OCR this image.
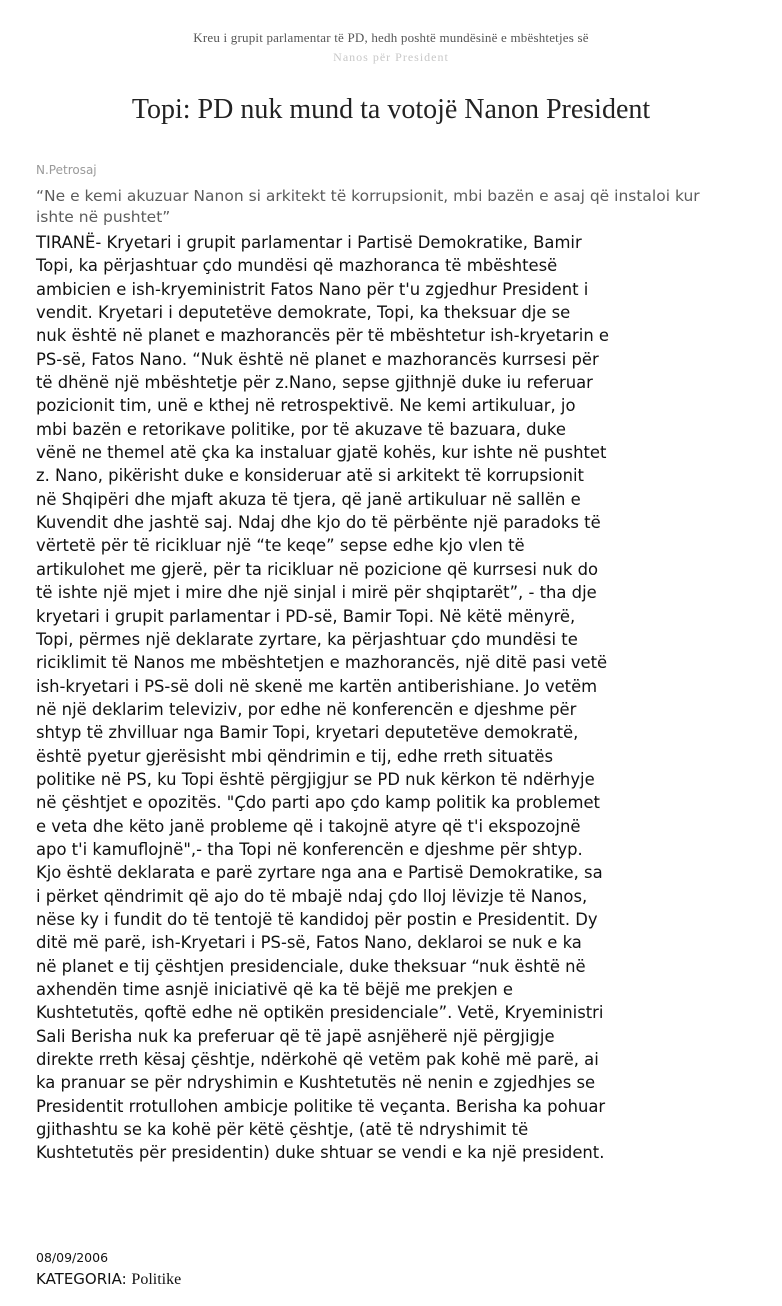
Kreu i grupit parlamentar të PD, hedh poshtë mundësinë e mbështetjes së
Nanos për President
Topi: PD nuk mund ta votojë Nanon President
N.Petrosaj
“Ne e kemi akuzuar Nanon si arkitekt të korrupsionit, mbi bazën e asaj që instaloi kur ishte në pushtet”
TIRANË- Kryetari i grupit parlamentar i Partisë Demokratike, Bamir
Topi, ka përjashtuar çdo mundësi që mazhoranca të mbështesë
ambicien e ish-kryeministrit Fatos Nano për t'u zgjedhur President i
vendit. Kryetari i deputetëve demokrate, Topi, ka theksuar dje se
nuk është në planet e mazhorancës për të mbështetur ish-kryetarin e
PS-së, Fatos Nano. “Nuk është në planet e mazhorancës kurrsesi për
të dhënë një mbështetje për z.Nano, sepse gjithnjë duke iu referuar
pozicionit tim, unë e kthej në retrospektivë. Ne kemi artikuluar, jo
mbi bazën e retorikave politike, por të akuzave të bazuara, duke
vënë ne themel atë çka ka instaluar gjatë kohës, kur ishte në pushtet
z. Nano, pikërisht duke e konsideruar atë si arkitekt të korrupsionit
në Shqipëri dhe mjaft akuza të tjera, që janë artikuluar në sallën e
Kuvendit dhe jashtë saj. Ndaj dhe kjo do të përbënte një paradoks të
vërtetë për të ricikluar një “te keqe” sepse edhe kjo vlen të
artikulohet me gjerë, për ta ricikluar në pozicione që kurrsesi nuk do
të ishte një mjet i mire dhe një sinjal i mirë për shqiptarët”, - tha dje
kryetari i grupit parlamentar i PD-së, Bamir Topi. Në këtë mënyrë,
Topi, përmes një deklarate zyrtare, ka përjashtuar çdo mundësi te
riciklimit të Nanos me mbështetjen e mazhorancës, një ditë pasi vetë
ish-kryetari i PS-së doli në skenë me kartën antiberishiane. Jo vetëm
në një deklarim televiziv, por edhe në konferencën e djeshme për
shtyp të zhvilluar nga Bamir Topi, kryetari deputetëve demokratë,
është pyetur gjerësisht mbi qëndrimin e tij, edhe rreth situatës
politike në PS, ku Topi është përgjigjur se PD nuk kërkon të ndërhyje
në çështjet e opozitës. "Çdo parti apo çdo kamp politik ka problemet
e veta dhe këto janë probleme që i takojnë atyre që t'i ekspozojnë
apo t'i kamuflojnë",- tha Topi në konferencën e djeshme për shtyp.
Kjo është deklarata e parë zyrtare nga ana e Partisë Demokratike, sa
i përket qëndrimit që ajo do të mbajë ndaj çdo lloj lëvizje të Nanos,
nëse ky i fundit do të tentojë të kandidoj për postin e Presidentit. Dy
ditë më parë, ish-Kryetari i PS-së, Fatos Nano, deklaroi se nuk e ka
në planet e tij çështjen presidenciale, duke theksuar “nuk është në
axhendën time asnjë iniciativë që ka të bëjë me prekjen e
Kushtetutës, qoftë edhe në optikën presidenciale”. Vetë, Kryeministri
Sali Berisha nuk ka preferuar që të japë asnjëherë një përgjigje
direkte rreth kësaj çështje, ndërkohë që vetëm pak kohë më parë, ai
ka pranuar se për ndryshimin e Kushtetutës në nenin e zgjedhjes se
Presidentit rrotullohen ambicje politike të veçanta. Berisha ka pohuar
gjithashtu se ka kohë për këtë çështje, (atë të ndryshimit të
Kushtetutës për presidentin) duke shtuar se vendi e ka një president.
08/09/2006
KATEGORIA: Politike
